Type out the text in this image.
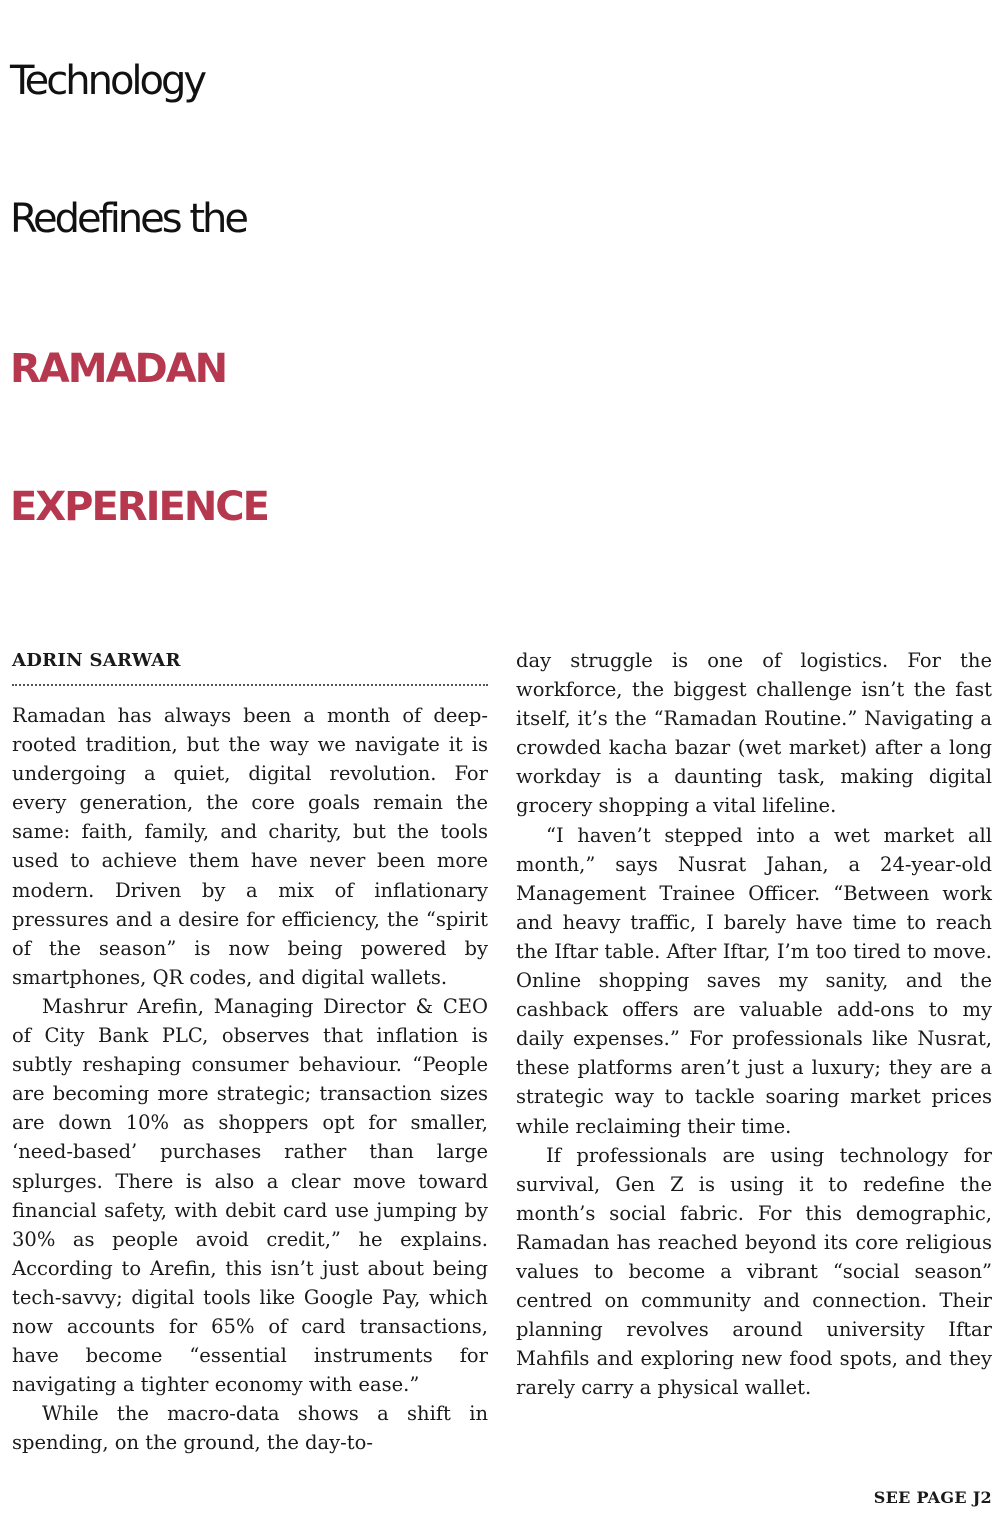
Technology
Redefines the
RAMADAN
EXPERIENCE
ADRIN SARWAR

Ramadan has always been a month of deep-rooted tradition, but the way we navigate it is undergoing a quiet, digital revolution. For every generation, the core goals remain the same: faith, family, and charity, but the tools used to achieve them have never been more modern. Driven by a mix of inflationary pressures and a desire for efficiency, the “spirit of the season” is now being powered by smartphones, QR codes, and digital wallets.

Mashrur Arefin, Managing Director & CEO of City Bank PLC, observes that inflation is subtly reshaping consumer behaviour. “People are becoming more strategic; transaction sizes are down 10% as shoppers opt for smaller, ‘need-based’ purchases rather than large splurges. There is also a clear move toward financial safety, with debit card use jumping by 30% as people avoid credit,” he explains. According to Arefin, this isn’t just about being tech-savvy; digital tools like Google Pay, which now accounts for 65% of card transactions, have become “essential instruments for navigating a tighter economy with ease.”

While the macro-data shows a shift in spending, on the ground, the day-to-

day struggle is one of logistics. For the workforce, the biggest challenge isn’t the fast itself, it’s the “Ramadan Routine.” Navigating a crowded kacha bazar (wet market) after a long workday is a daunting task, making digital grocery shopping a vital lifeline.

“I haven’t stepped into a wet market all month,” says Nusrat Jahan, a 24-year-old Management Trainee Officer. “Between work and heavy traffic, I barely have time to reach the Iftar table. After Iftar, I’m too tired to move. Online shopping saves my sanity, and the cashback offers are valuable add-ons to my daily expenses.” For professionals like Nusrat, these platforms aren’t just a luxury; they are a strategic way to tackle soaring market prices while reclaiming their time.

If professionals are using technology for survival, Gen Z is using it to redefine the month’s social fabric. For this demographic, Ramadan has reached beyond its core religious values to become a vibrant “social season” centred on community and connection. Their planning revolves around university Iftar Mahfils and exploring new food spots, and they rarely carry a physical wallet.

SEE PAGE J2
